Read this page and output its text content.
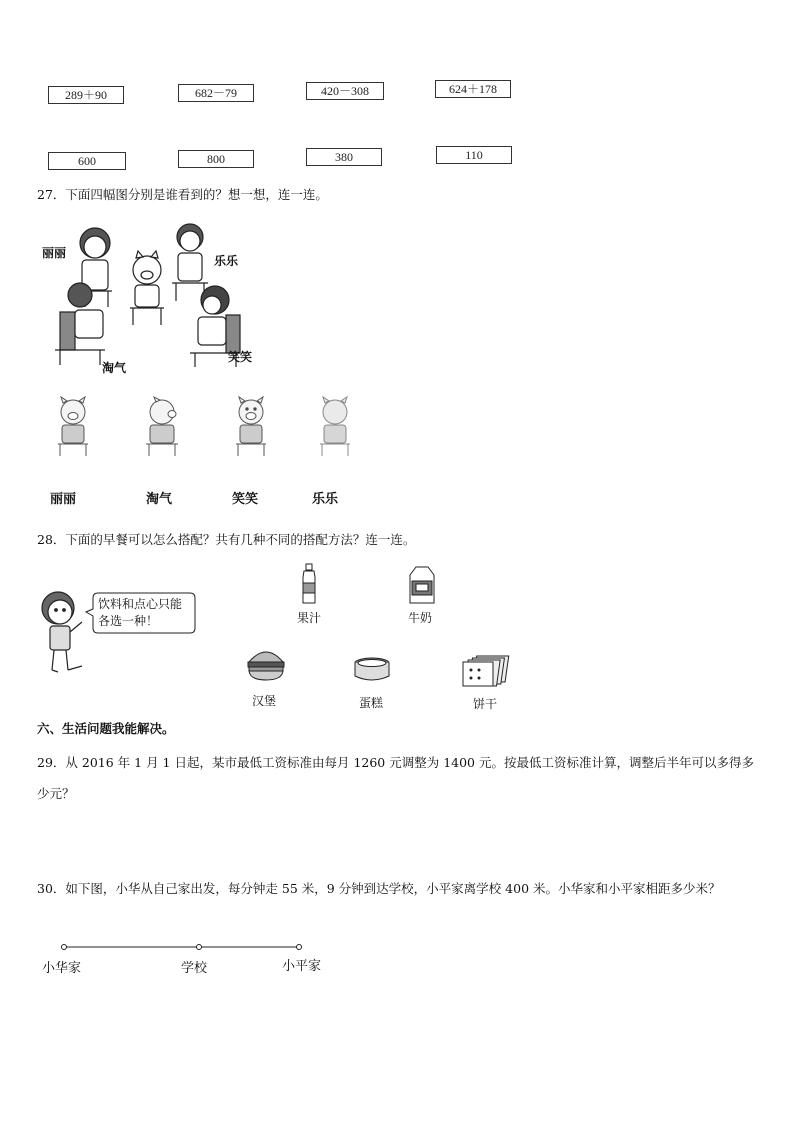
289＋90	682－79	420－308	624＋178
600	800	380	110
27．下面四幅图分别是谁看到的？想一想，连一连。
丽丽
乐乐
笑笑
淘气
丽丽	淘气	笑笑	乐乐
28．下面的早餐可以怎么搭配？共有几种不同的搭配方法？连一连。
饮料和点心只能各选一种！	果汁	牛奶
汉堡	蛋糕	饼干
六、生活问题我能解决。
29．从 2016 年 1 月 1 日起，某市最低工资标准由每月 1260 元调整为 1400 元。按最低工资标准计算，调整后半年可以多得多少元？
30．如下图，小华从自己家出发，每分钟走 55 米，9 分钟到达学校，小平家离学校 400 米。小华家和小平家相距多少米？
小华家	学校	小平家
